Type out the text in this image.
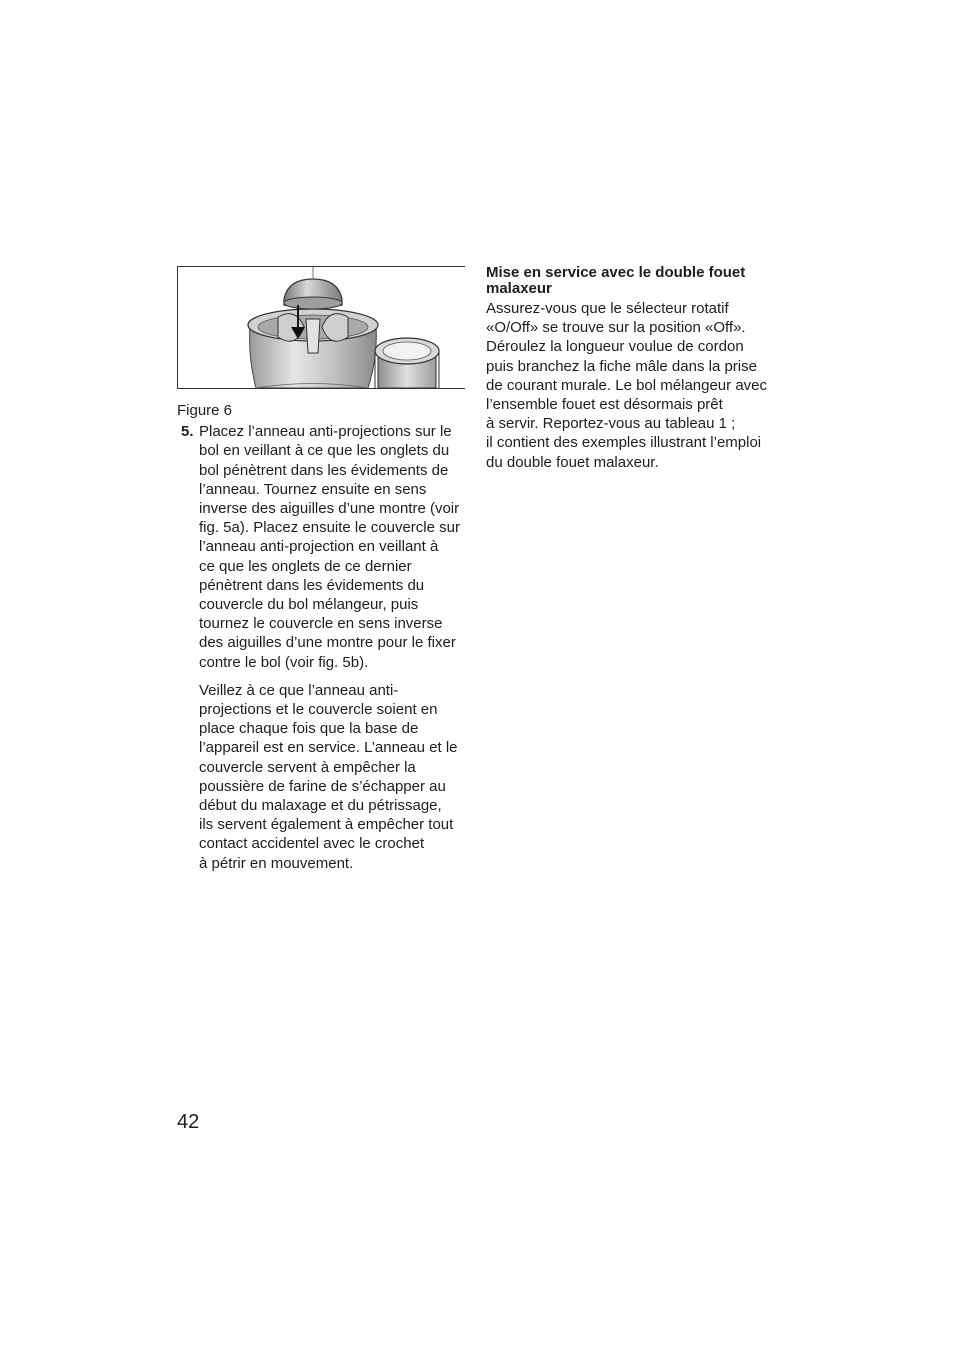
Figure 6

5. Placez l’anneau anti-projections sur le
bol en veillant à ce que les onglets du
bol pénètrent dans les évidements de
l’anneau. Tournez ensuite en sens
inverse des aiguilles d’une montre (voir
fig. 5a). Placez ensuite le couvercle sur
l’anneau anti-projection en veillant à
ce que les onglets de ce dernier
pénètrent dans les évidements du
couvercle du bol mélangeur, puis
tournez le couvercle en sens inverse
des aiguilles d’une montre pour le fixer
contre le bol (voir fig. 5b).
Veillez à ce que l’anneau anti-
projections et le couvercle soient en
place chaque fois que la base de
l’appareil est en service. L’anneau et le
couvercle servent à empêcher la
poussière de farine de s’échapper au
début du malaxage et du pétrissage,
ils servent également à empêcher tout
contact accidentel avec le crochet
à pétrir en mouvement.
Mise en service avec le double fouet
malaxeur
Assurez-vous que le sélecteur rotatif
«O/Off» se trouve sur la position «Off».
Déroulez la longueur voulue de cordon
puis branchez la fiche mâle dans la prise
de courant murale. Le bol mélangeur avec
l’ensemble fouet est désormais prêt
à servir. Reportez-vous au tableau 1 ;
il contient des exemples illustrant l’emploi
du double fouet malaxeur.
42
